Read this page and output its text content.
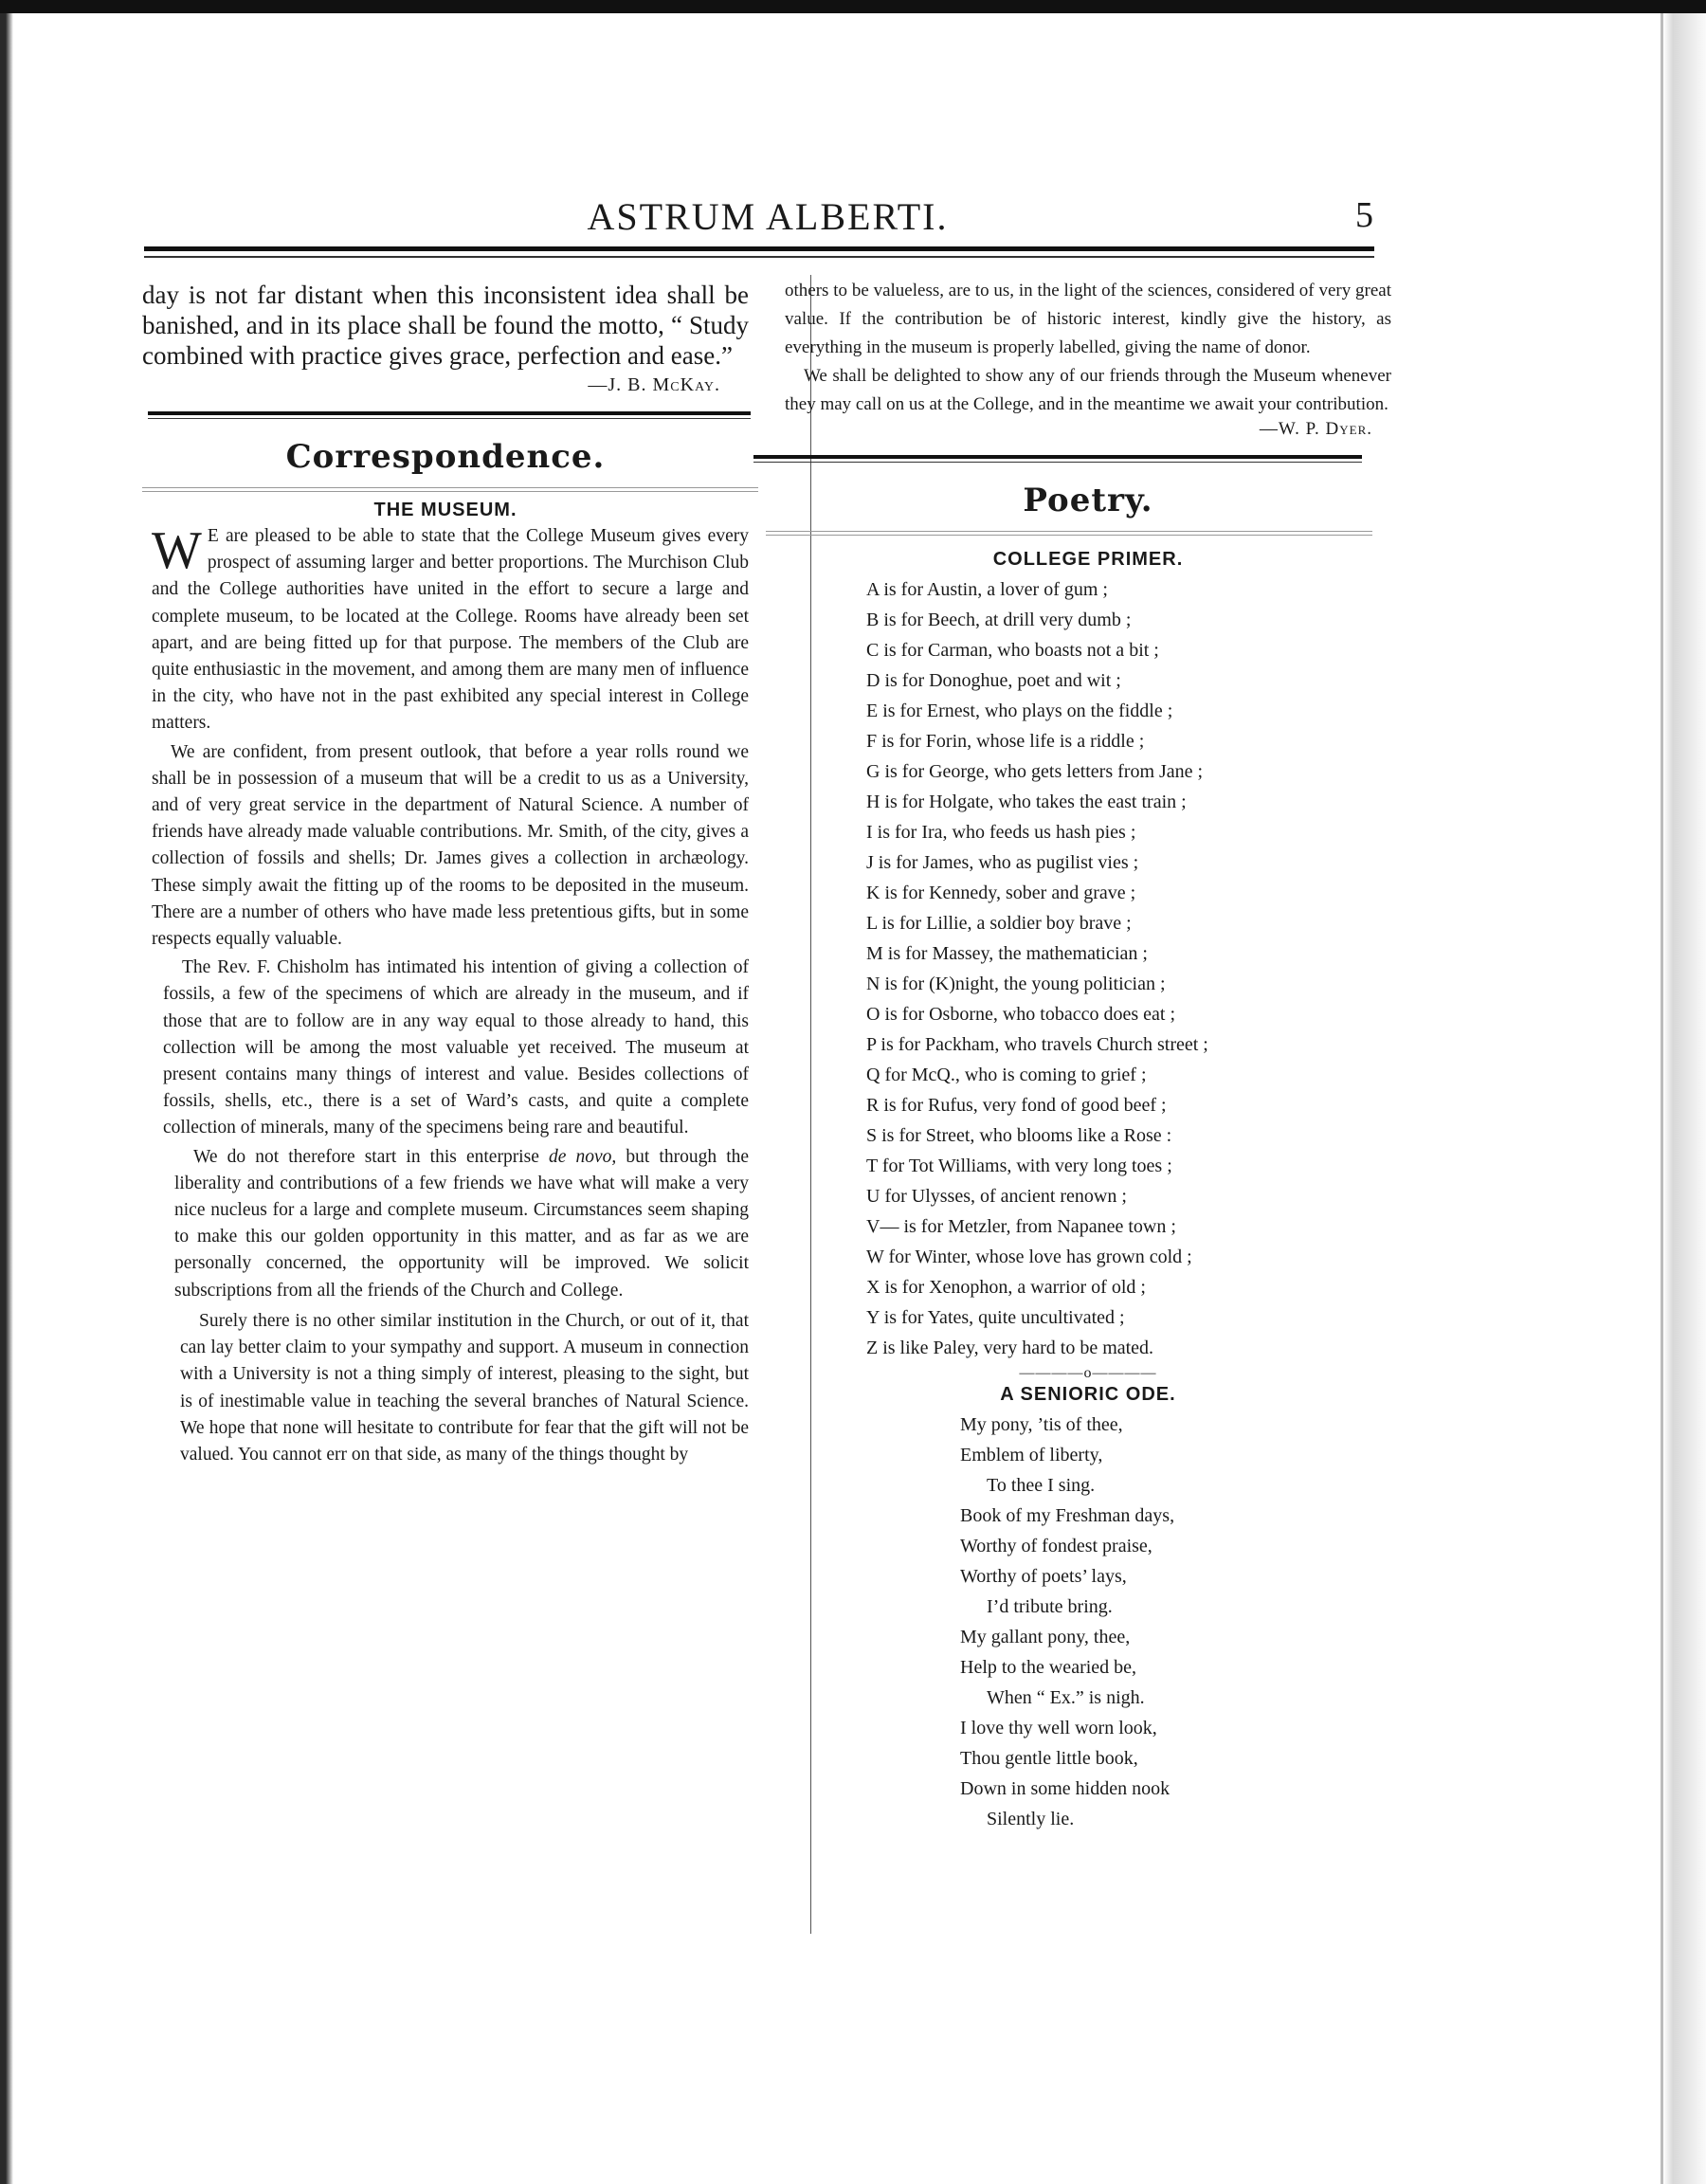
ASTRUM ALBERTI.	5

day is not far distant when this inconsistent idea shall be banished, and in its place shall be found the motto, “ Study combined with practice gives grace, perfection and ease.”

—J. B. McKay.

Correspondence.

THE MUSEUM.

W E are pleased to be able to state that the College Museum gives every prospect of assuming larger and better proportions. The Murchison Club and the College authorities have united in the effort to secure a large and complete museum, to be located at the College. Rooms have already been set apart, and are being fitted up for that purpose. The members of the Club are quite enthusiastic in the movement, and among them are many men of influence in the city, who have not in the past exhibited any special interest in College matters.

We are confident, from present outlook, that before a year rolls round we shall be in possession of a museum that will be a credit to us as a University, and of very great service in the department of Natural Science. A number of friends have already made valuable contributions. Mr. Smith, of the city, gives a collection of fossils and shells; Dr. James gives a collection in archæology. These simply await the fitting up of the rooms to be deposited in the museum. There are a number of others who have made less pretentious gifts, but in some respects equally valuable.

The Rev. F. Chisholm has intimated his intention of giving a collection of fossils, a few of the specimens of which are already in the museum, and if those that are to follow are in any way equal to those already to hand, this collection will be among the most valuable yet received. The museum at present contains many things of interest and value. Besides collections of fossils, shells, etc., there is a set of Ward’s casts, and quite a complete collection of minerals, many of the specimens being rare and beautiful.

We do not therefore start in this enterprise de novo, but through the liberality and contributions of a few friends we have what will make a very nice nucleus for a large and complete museum. Circumstances seem shaping to make this our golden opportunity in this matter, and as far as we are personally concerned, the opportunity will be improved. We solicit subscriptions from all the friends of the Church and College.

Surely there is no other similar institution in the Church, or out of it, that can lay better claim to your sympathy and support. A museum in connection with a University is not a thing simply of interest, pleasing to the sight, but is of inestimable value in teaching the several branches of Natural Science. We hope that none will hesitate to contribute for fear that the gift will not be valued. You cannot err on that side, as many of the things thought by

others to be valueless, are to us, in the light of the sciences, considered of very great value. If the contribution be of historic interest, kindly give the history, as everything in the museum is properly labelled, giving the name of donor.

We shall be delighted to show any of our friends through the Museum whenever they may call on us at the College, and in the meantime we await your contribution.

—W. P. Dyer.

Poetry.

COLLEGE PRIMER.

A is for Austin, a lover of gum ;

B is for Beech, at drill very dumb ;

C is for Carman, who boasts not a bit ;

D is for Donoghue, poet and wit ;

E is for Ernest, who plays on the fiddle ;

F is for Forin, whose life is a riddle ;

G is for George, who gets letters from Jane ;

H is for Holgate, who takes the east train ;

I is for Ira, who feeds us hash pies ;

J is for James, who as pugilist vies ;

K is for Kennedy, sober and grave ;

L is for Lillie, a soldier boy brave ;

M is for Massey, the mathematician ;

N is for (K)night, the young politician ;

O is for Osborne, who tobacco does eat ;

P is for Packham, who travels Church street ;

Q for McQ., who is coming to grief ;

R is for Rufus, very fond of good beef ;

S is for Street, who blooms like a Rose :

T for Tot Williams, with very long toes ;

U for Ulysses, of ancient renown ;

V— is for Metzler, from Napanee town ;

W for Winter, whose love has grown cold ;

X is for Xenophon, a warrior of old ;

Y is for Yates, quite uncultivated ;

Z is like Paley, very hard to be mated.

————o————

A SENIORIC ODE.

My pony, ’tis of thee,

Emblem of liberty,

To thee I sing.

Book of my Freshman days,

Worthy of fondest praise,

Worthy of poets’ lays,

I’d tribute bring.

My gallant pony, thee,

Help to the wearied be,

When “ Ex.” is nigh.

I love thy well worn look,

Thou gentle little book,

Down in some hidden nook

Silently lie.
